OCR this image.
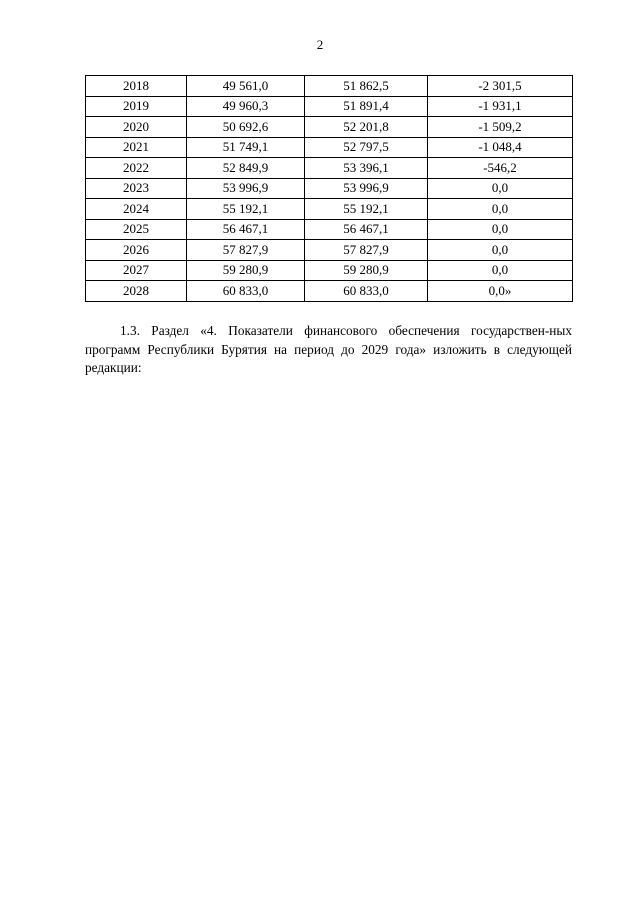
2
2018	49 561,0	51 862,5	-2 301,5
2019	49 960,3	51 891,4	-1 931,1
2020	50 692,6	52 201,8	-1 509,2
2021	51 749,1	52 797,5	-1 048,4
2022	52 849,9	53 396,1	-546,2
2023	53 996,9	53 996,9	0,0
2024	55 192,1	55 192,1	0,0
2025	56 467,1	56 467,1	0,0
2026	57 827,9	57 827,9	0,0
2027	59 280,9	59 280,9	0,0
2028	60 833,0	60 833,0	0,0»

1.3. Раздел «4. Показатели финансового обеспечения государствен-ных программ Республики Бурятия на период до 2029 года» изложить в следующей редакции:
